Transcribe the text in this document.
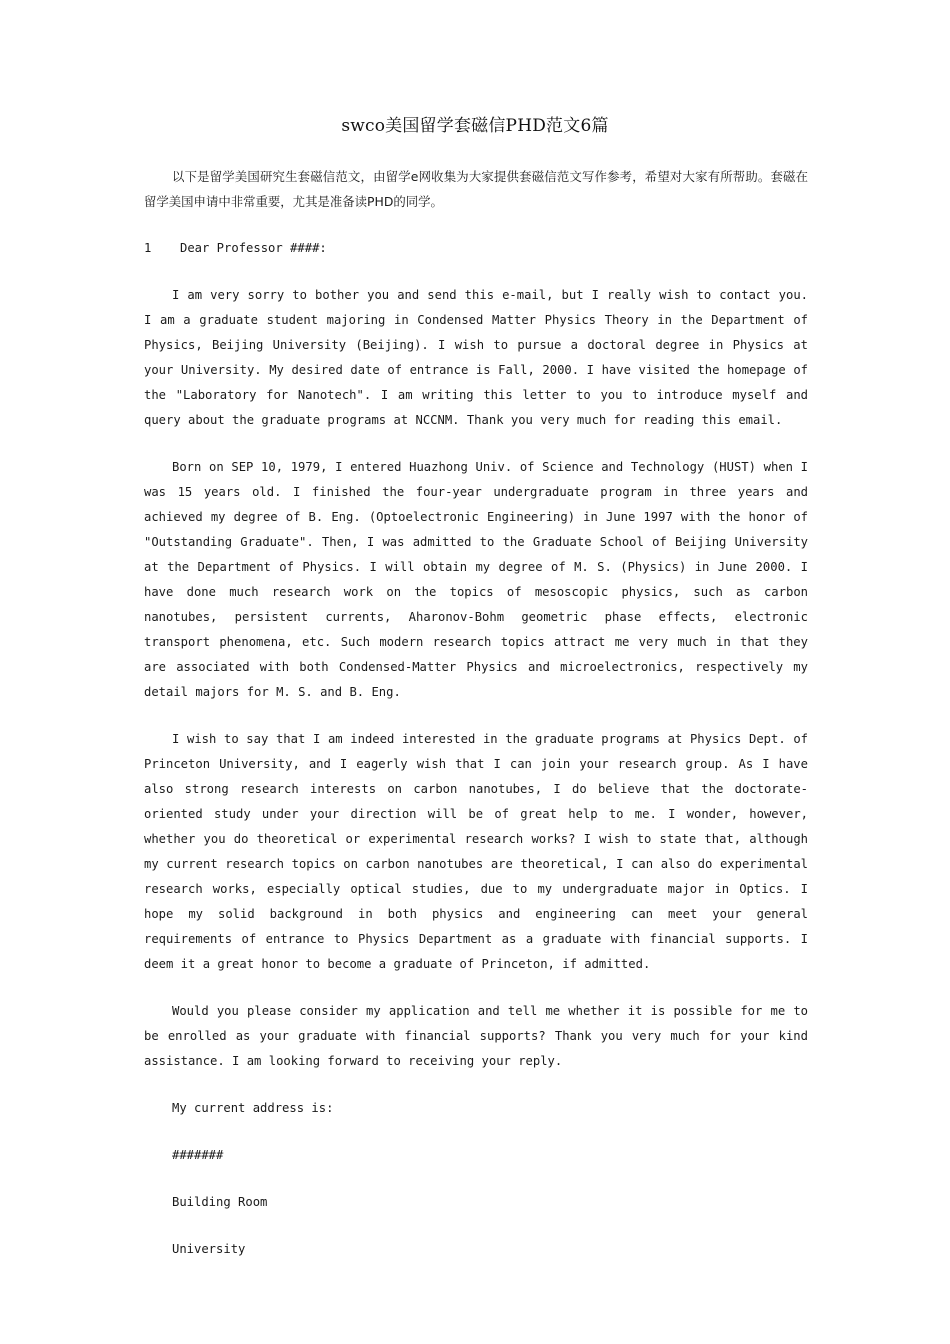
swco美国留学套磁信PHD范文6篇

以下是留学美国研究生套磁信范文，由留学e网收集为大家提供套磁信范文写作参考，希望对大家有所帮助。套磁在留学美国申请中非常重要，尤其是准备读PHD的同学。

1 Dear Professor ####:

I am very sorry to bother you and send this e-mail, but I really wish to contact you. I am a graduate student majoring in Condensed Matter Physics Theory in the Department of Physics, Beijing University (Beijing). I wish to pursue a doctoral degree in Physics at your University. My desired date of entrance is Fall, 2000. I have visited the homepage of the "Laboratory for Nanotech". I am writing this letter to you to introduce myself and query about the graduate programs at NCCNM. Thank you very much for reading this email.

Born on SEP 10, 1979, I entered Huazhong Univ. of Science and Technology (HUST) when I was 15 years old. I finished the four-year undergraduate program in three years and achieved my degree of B. Eng. (Optoelectronic Engineering) in June 1997 with the honor of "Outstanding Graduate". Then, I was admitted to the Graduate School of Beijing University at the Department of Physics. I will obtain my degree of M. S. (Physics) in June 2000. I have done much research work on the topics of mesoscopic physics, such as carbon nanotubes, persistent currents, Aharonov-Bohm geometric phase effects, electronic transport phenomena, etc. Such modern research topics attract me very much in that they are associated with both Condensed-Matter Physics and microelectronics, respectively my detail majors for M. S. and B. Eng.

I wish to say that I am indeed interested in the graduate programs at Physics Dept. of Princeton University, and I eagerly wish that I can join your research group. As I have also strong research interests on carbon nanotubes, I do believe that the doctorate-oriented study under your direction will be of great help to me. I wonder, however, whether you do theoretical or experimental research works? I wish to state that, although my current research topics on carbon nanotubes are theoretical, I can also do experimental research works, especially optical studies, due to my undergraduate major in Optics. I hope my solid background in both physics and engineering can meet your general requirements of entrance to Physics Department as a graduate with financial supports. I deem it a great honor to become a graduate of Princeton, if admitted.

Would you please consider my application and tell me whether it is possible for me to be enrolled as your graduate with financial supports? Thank you very much for your kind assistance. I am looking forward to receiving your reply.

My current address is:

#######

Building Room

University
